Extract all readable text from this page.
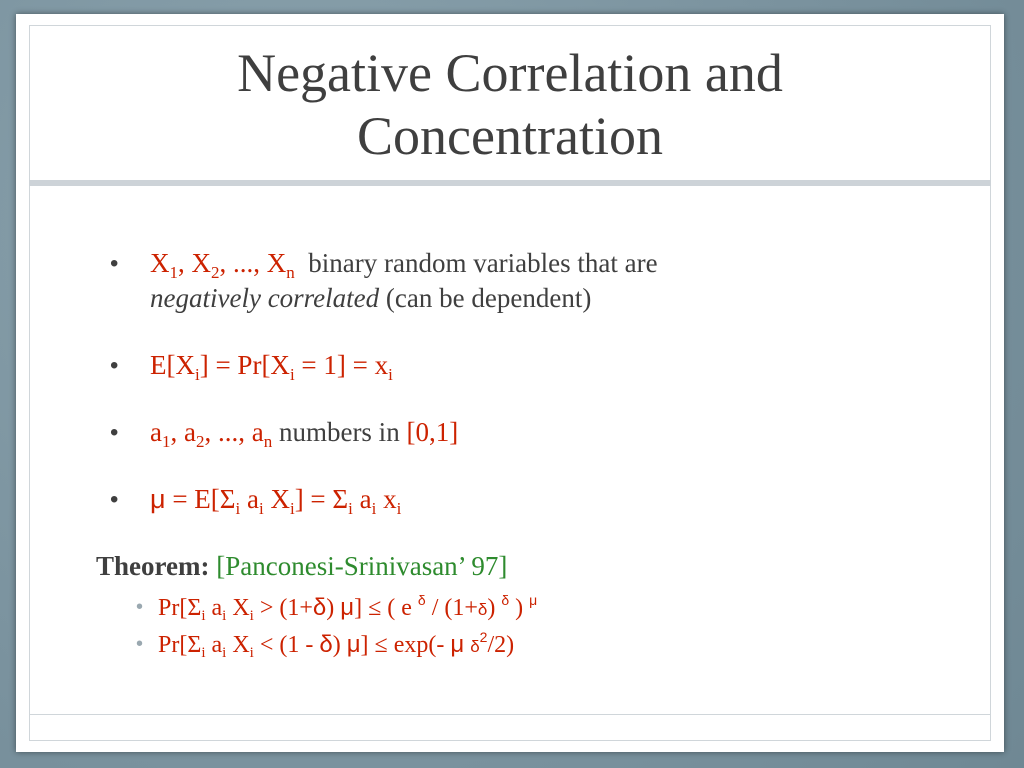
Negative Correlation and
Concentration
• $X_1$, $X_2$, ..., $X_n$ binary random variables that are
negatively correlated (can be dependent)
• $E[X_i] = Pr[X_i = 1] = x_i$
• $a_1$, $a_2$, ..., $a_n$ numbers in [0,1]
• $\mu = E[\Sigma_i$ $a_i$ $X_i] = \Sigma_i$ $a_i$ $x_i$
Theorem: [Panconesi-Srinivasan’ 97]
• $Pr[\Sigma_i$ $a_i$ $X_i > (1+\delta) \mu$] ≤ ( e $^\delta$ / (1+δ) $^\delta$ ) $^\mu$
• $Pr[\Sigma_i$ $a_i$ $X_i < (1 - \delta) \mu] \le \exp(-$ μ $\delta^2/2$)
